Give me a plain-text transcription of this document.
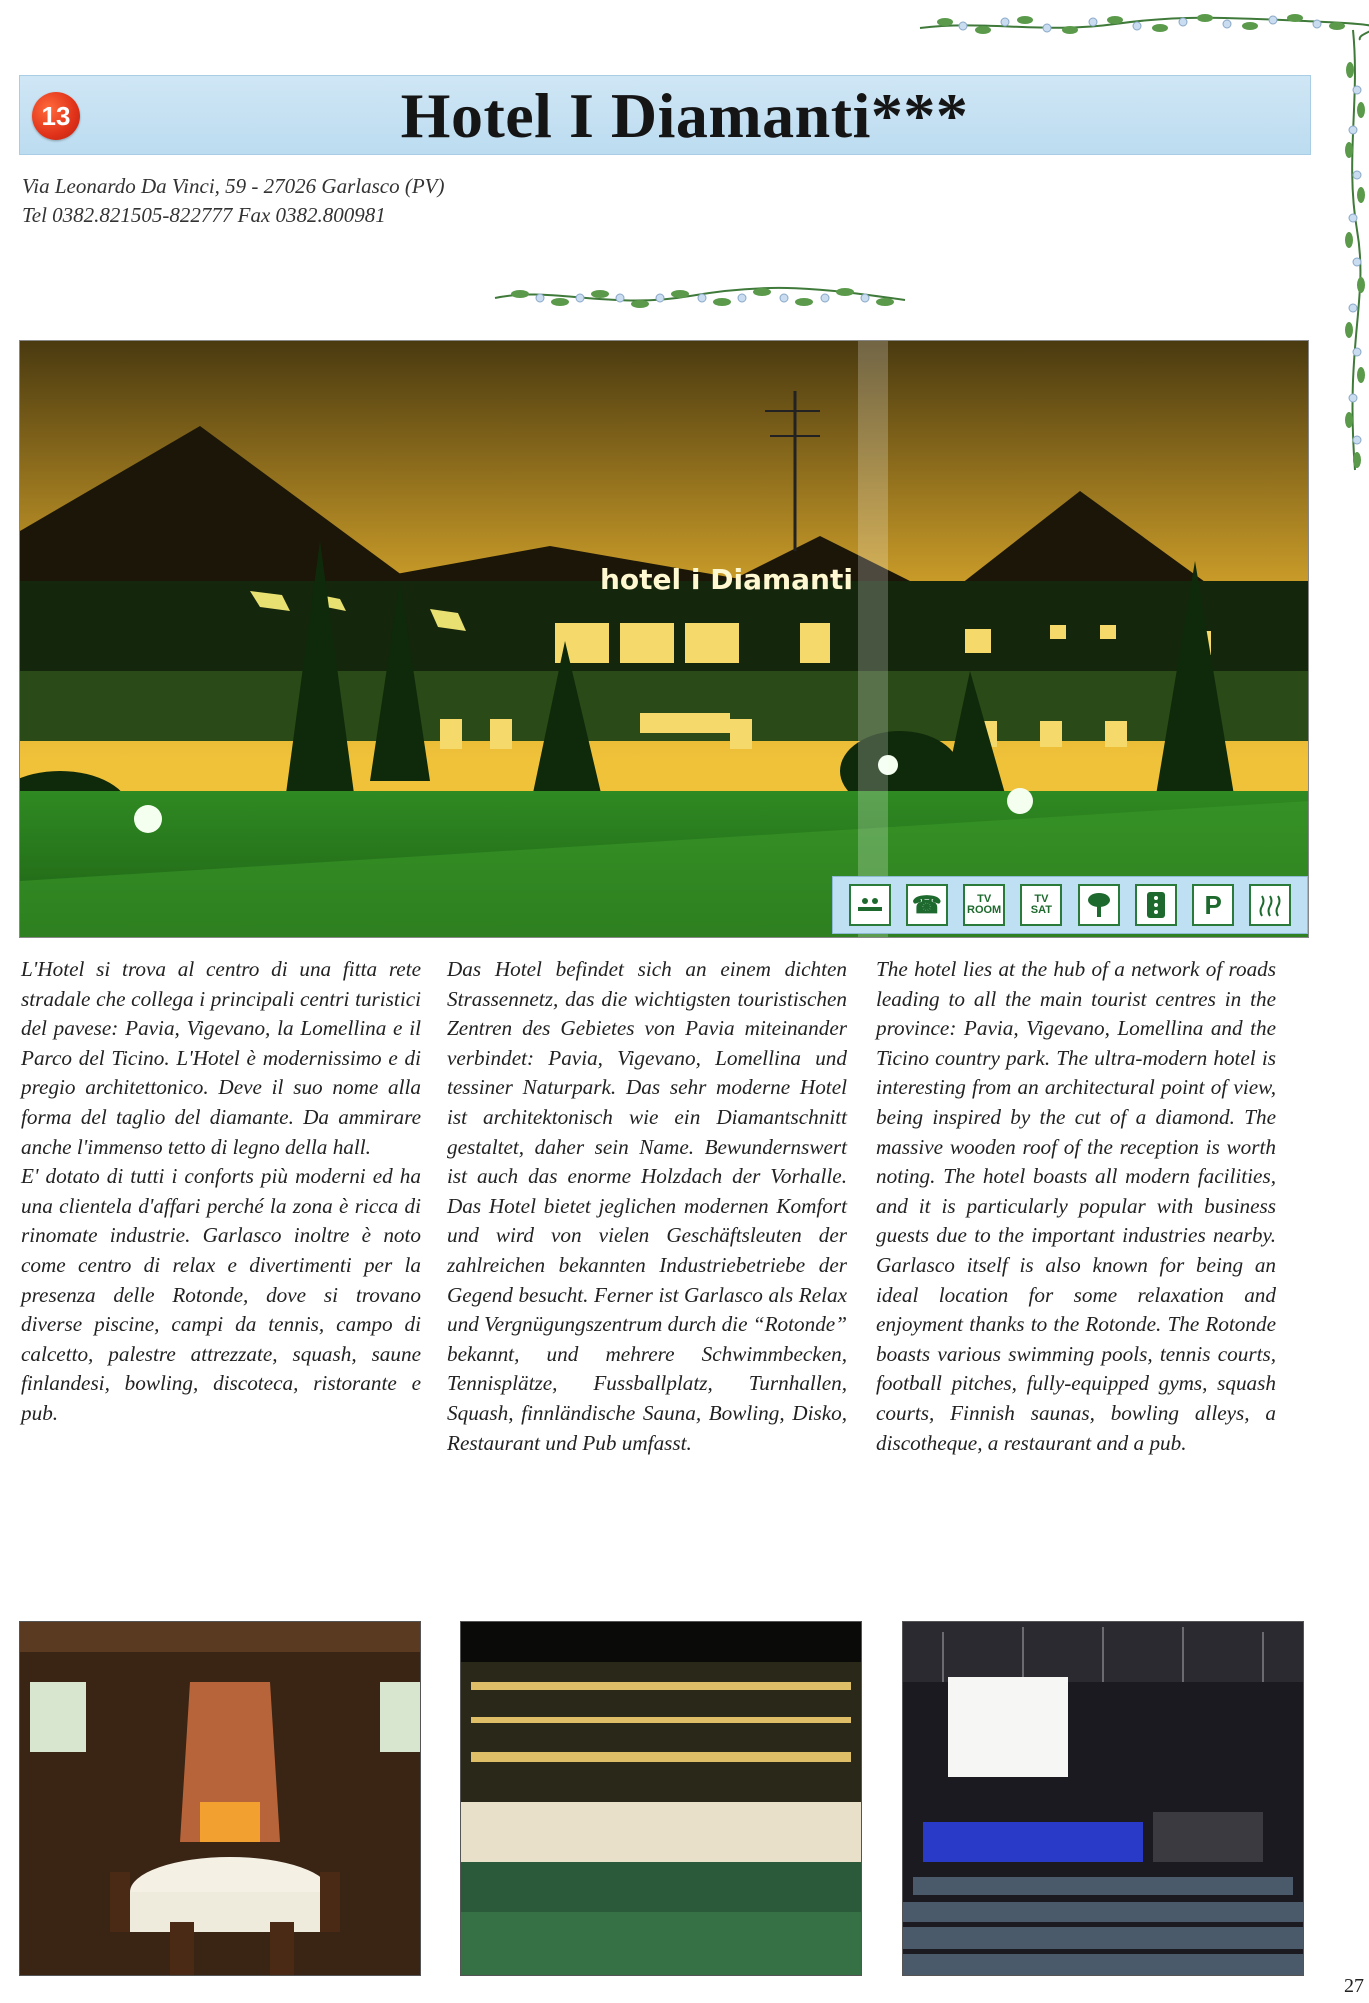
13	Hotel I Diamanti***
Via Leonardo Da Vinci, 59 - 27026 Garlasco (PV)
Tel 0382.821505-822777 Fax 0382.800981
hotel i Diamanti
☎	TV ROOM
TV SAT	P

L'Hotel si trova al centro di una fitta rete stradale che collega i principali centri turistici del pavese: Pavia, Vigevano, la Lomellina e il Parco del Ticino. L'Hotel è modernissimo e di pregio architettonico. Deve il suo nome alla forma del taglio del diamante. Da ammirare anche l'immenso tetto di legno della hall.

E' dotato di tutti i conforts più moderni ed ha una clientela d'affari perché la zona è ricca di rinomate industrie. Garlasco inoltre è noto come centro di relax e divertimenti per la presenza delle Rotonde, dove si trovano diverse piscine, campi da tennis, campo di calcetto, palestre attrezzate, squash, saune finlandesi, bowling, discoteca, ristorante e pub.

Das Hotel befindet sich an einem dichten Strassennetz, das die wichtigsten touristischen Zentren des Gebietes von Pavia miteinander verbindet: Pavia, Vigevano, Lomellina und tessiner Naturpark. Das sehr moderne Hotel ist architektonisch wie ein Diamantschnitt gestaltet, daher sein Name. Bewundernswert ist auch das enorme Holzdach der Vorhalle. Das Hotel bietet jeglichen modernen Komfort und wird von vielen Geschäftsleuten der zahlreichen bekannten Industriebetriebe der Gegend besucht. Ferner ist Garlasco als Relax und Vergnügungszentrum durch die “Rotonde” bekannt, und mehrere Schwimmbecken, Tennisplätze, Fussballplatz, Turnhallen, Squash, finnländische Sauna, Bowling, Disko, Restaurant und Pub umfasst.

The hotel lies at the hub of a network of roads leading to all the main tourist centres in the province: Pavia, Vigevano, Lomellina and the Ticino country park. The ultra-modern hotel is interesting from an architectural point of view, being inspired by the cut of a diamond. The massive wooden roof of the reception is worth noting. The hotel boasts all modern facilities, and it is particularly popular with business guests due to the important industries nearby. Garlasco itself is also known for being an ideal location for some relaxation and enjoyment thanks to the Rotonde. The Rotonde boasts various swimming pools, tennis courts, football pitches, fully-equipped gyms, squash courts, Finnish saunas, bowling alleys, a discotheque, a restaurant and a pub.

27
